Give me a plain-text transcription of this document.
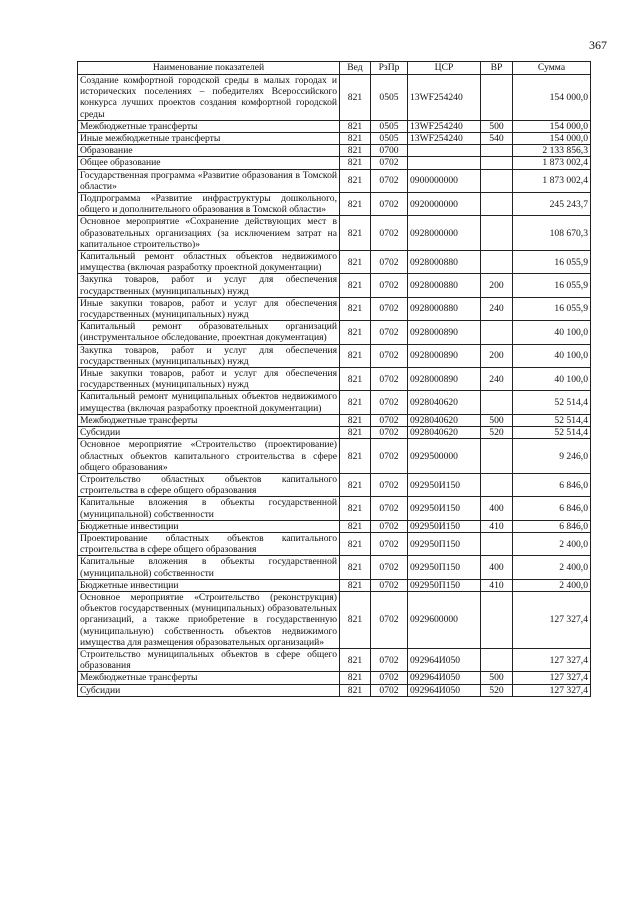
367
Наименование показателей	Вед	РзПр	ЦСР	ВР	Сумма
Создание комфортной городской среды в малых городах и исторических поселениях – победителях Всероссийского конкурса лучших проектов создания комфортной городской среды	821	0505	13WF254240		154 000,0
Межбюджетные трансферты	821	0505	13WF254240	500	154 000,0
Иные межбюджетные трансферты	821	0505	13WF254240	540	154 000,0
Образование	821	0700			2 133 856,3
Общее образование	821	0702			1 873 002,4
Государственная программа «Развитие образования в Томской области»	821	0702	0900000000		1 873 002,4
Подпрограмма «Развитие инфраструктуры дошкольного, общего и дополнительного образования в Томской области»	821	0702	0920000000		245 243,7
Основное мероприятие «Сохранение действующих мест в образовательных организациях (за исключением затрат на капитальное строительство)»	821	0702	0928000000		108 670,3
Капитальный ремонт областных объектов недвижимого имущества (включая разработку проектной документации)	821	0702	0928000880		16 055,9
Закупка товаров, работ и услуг для обеспечения государственных (муниципальных) нужд	821	0702	0928000880	200	16 055,9
Иные закупки товаров, работ и услуг для обеспечения государственных (муниципальных) нужд	821	0702	0928000880	240	16 055,9
Капитальный ремонт образовательных организаций (инструментальное обследование, проектная документация)	821	0702	0928000890		40 100,0
Закупка товаров, работ и услуг для обеспечения государственных (муниципальных) нужд	821	0702	0928000890	200	40 100,0
Иные закупки товаров, работ и услуг для обеспечения государственных (муниципальных) нужд	821	0702	0928000890	240	40 100,0
Капитальный ремонт муниципальных объектов недвижимого имущества (включая разработку проектной документации)	821	0702	0928040620		52 514,4
Межбюджетные трансферты	821	0702	0928040620	500	52 514,4
Субсидии	821	0702	0928040620	520	52 514,4
Основное мероприятие «Строительство (проектирование) областных объектов капитального строительства в сфере общего образования»	821	0702	0929500000		9 246,0
Строительство областных объектов капитального строительства в сфере общего образования	821	0702	092950И150		6 846,0
Капитальные вложения в объекты государственной (муниципальной) собственности	821	0702	092950И150	400	6 846,0
Бюджетные инвестиции	821	0702	092950И150	410	6 846,0
Проектирование областных объектов капитального строительства в сфере общего образования	821	0702	092950П150		2 400,0
Капитальные вложения в объекты государственной (муниципальной) собственности	821	0702	092950П150	400	2 400,0
Бюджетные инвестиции	821	0702	092950П150	410	2 400,0
Основное мероприятие «Строительство (реконструкция) объектов государственных (муниципальных) образовательных организаций, а также приобретение в государственную (муниципальную) собственность объектов недвижимого имущества для размещения образовательных организаций»	821	0702	0929600000		127 327,4
Строительство муниципальных объектов в сфере общего образования	821	0702	092964И050		127 327,4
Межбюджетные трансферты	821	0702	092964И050	500	127 327,4
Субсидии	821	0702	092964И050	520	127 327,4
